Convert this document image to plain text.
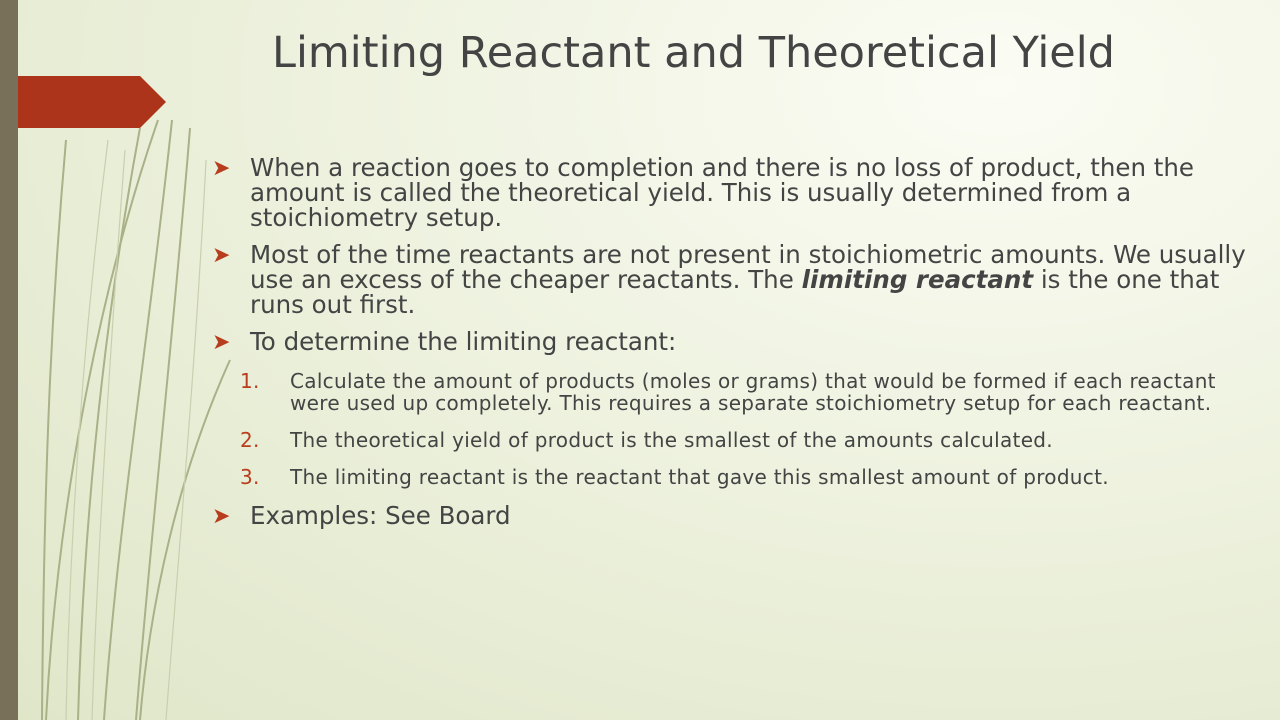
Limiting Reactant and Theoretical Yield
➤ When a reaction goes to completion and there is no loss of product, then the amount is called the theoretical yield. This is usually determined from a stoichiometry setup.
➤ Most of the time reactants are not present in stoichiometric amounts. We usually use an excess of the cheaper reactants. The limiting reactant is the one that runs out first.
➤ To determine the limiting reactant:
1. Calculate the amount of products (moles or grams) that would be formed if each reactant were used up completely. This requires a separate stoichiometry setup for each reactant.
2. The theoretical yield of product is the smallest of the amounts calculated.
3. The limiting reactant is the reactant that gave this smallest amount of product.
➤ Examples: See Board
